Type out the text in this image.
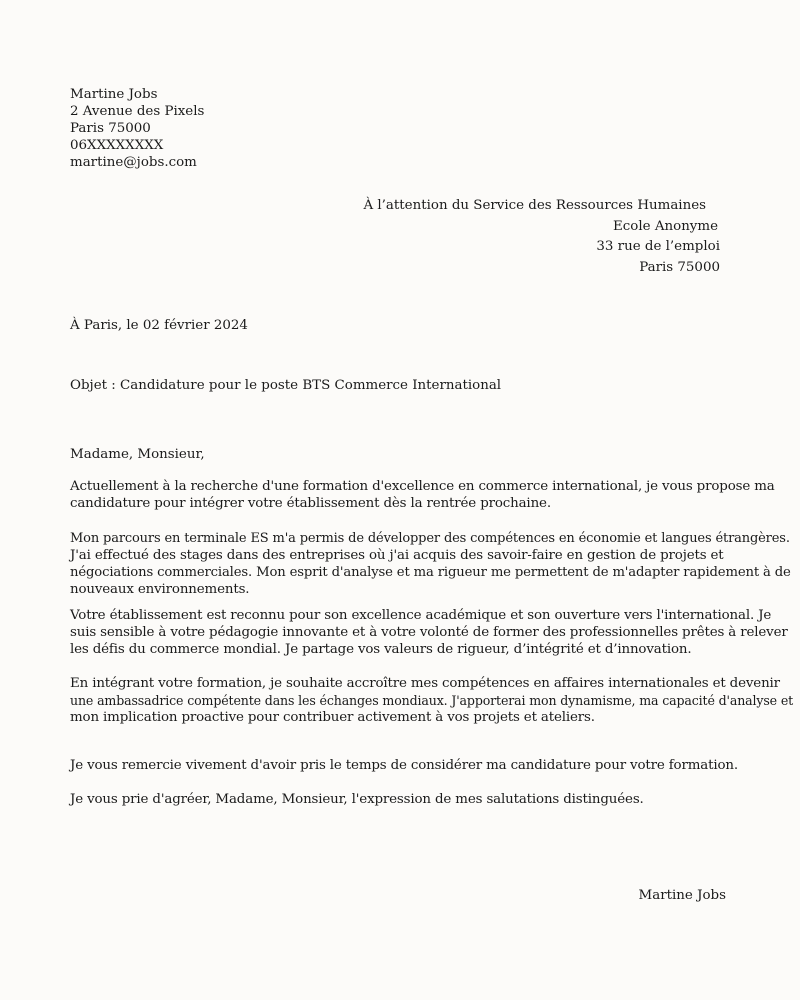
Martine Jobs
2 Avenue des Pixels
Paris 75000
06XXXXXXXX
martine@jobs.com
À l’attention du Service des Ressources Humaines
Ecole Anonyme
33 rue de l’emploi
Paris 75000
À Paris, le 02 février 2024
Objet : Candidature pour le poste BTS Commerce International
Madame, Monsieur,
Actuellement à la recherche d'une formation d'excellence en commerce international, je vous propose ma
candidature pour intégrer votre établissement dès la rentrée prochaine.
Mon parcours en terminale ES m'a permis de développer des compétences en économie et langues étrangères.
J'ai effectué des stages dans des entreprises où j'ai acquis des savoir-faire en gestion de projets et
négociations commerciales. Mon esprit d'analyse et ma rigueur me permettent de m'adapter rapidement à de
nouveaux environnements.
Votre établissement est reconnu pour son excellence académique et son ouverture vers l'international. Je
suis sensible à votre pédagogie innovante et à votre volonté de former des professionnelles prêtes à relever
les défis du commerce mondial. Je partage vos valeurs de rigueur, d’intégrité et d’innovation.
En intégrant votre formation, je souhaite accroître mes compétences en affaires internationales et devenir
une ambassadrice compétente dans les échanges mondiaux. J'apporterai mon dynamisme, ma capacité d'analyse et
mon implication proactive pour contribuer activement à vos projets et ateliers.
Je vous remercie vivement d'avoir pris le temps de considérer ma candidature pour votre formation.
Je vous prie d'agréer, Madame, Monsieur, l'expression de mes salutations distinguées.
Martine Jobs
